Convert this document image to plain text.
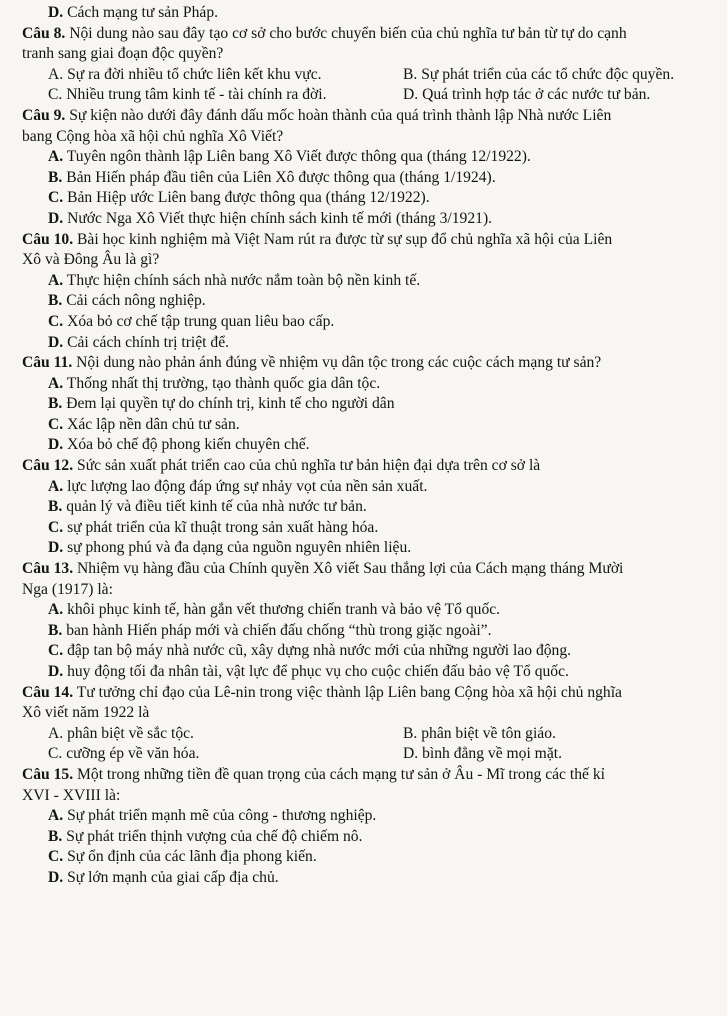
D. Cách mạng tư sản Pháp.
Câu 8. Nội dung nào sau đây tạo cơ sở cho bước chuyển biến của chủ nghĩa tư bản từ tự do cạnh
tranh sang giai đoạn độc quyền?
A. Sự ra đời nhiều tổ chức liên kết khu vực.	B. Sự phát triển của các tổ chức độc quyền.
C. Nhiều trung tâm kinh tế - tài chính ra đời.	D. Quá trình hợp tác ở các nước tư bản.
Câu 9. Sự kiện nào dưới đây đánh dấu mốc hoàn thành của quá trình thành lập Nhà nước Liên
bang Cộng hòa xã hội chủ nghĩa Xô Viết?
A. Tuyên ngôn thành lập Liên bang Xô Viết được thông qua (tháng 12/1922).
B. Bản Hiến pháp đầu tiên của Liên Xô được thông qua (tháng 1/1924).
C. Bản Hiệp ước Liên bang được thông qua (tháng 12/1922).
D. Nước Nga Xô Viết thực hiện chính sách kinh tế mới (tháng 3/1921).
Câu 10. Bài học kinh nghiệm mà Việt Nam rút ra được từ sự sụp đổ chủ nghĩa xã hội của Liên
Xô và Đông Âu là gì?
A. Thực hiện chính sách nhà nước nắm toàn bộ nền kinh tế.
B. Cải cách nông nghiệp.
C. Xóa bỏ cơ chế tập trung quan liêu bao cấp.
D. Cải cách chính trị triệt để.
Câu 11. Nội dung nào phản ánh đúng về nhiệm vụ dân tộc trong các cuộc cách mạng tư sản?
A. Thống nhất thị trường, tạo thành quốc gia dân tộc.
B. Đem lại quyền tự do chính trị, kinh tế cho người dân
C. Xác lập nền dân chủ tư sản.
D. Xóa bỏ chế độ phong kiến chuyên chế.
Câu 12. Sức sản xuất phát triển cao của chủ nghĩa tư bản hiện đại dựa trên cơ sở là
A. lực lượng lao động đáp ứng sự nhảy vọt của nền sản xuất.
B. quản lý và điều tiết kinh tế của nhà nước tư bản.
C. sự phát triển của kĩ thuật trong sản xuất hàng hóa.
D. sự phong phú và đa dạng của nguồn nguyên nhiên liệu.
Câu 13. Nhiệm vụ hàng đầu của Chính quyền Xô viết Sau thắng lợi của Cách mạng tháng Mười
Nga (1917) là:
A. khôi phục kinh tế, hàn gắn vết thương chiến tranh và bảo vệ Tổ quốc.
B. ban hành Hiến pháp mới và chiến đấu chống “thù trong giặc ngoài”.
C. đập tan bộ máy nhà nước cũ, xây dựng nhà nước mới của những người lao động.
D. huy động tối đa nhân tài, vật lực để phục vụ cho cuộc chiến đấu bảo vệ Tổ quốc.
Câu 14. Tư tưởng chỉ đạo của Lê-nin trong việc thành lập Liên bang Cộng hòa xã hội chủ nghĩa
Xô viết năm 1922 là
A. phân biệt về sắc tộc.	B. phân biệt về tôn giáo.
C. cưỡng ép về văn hóa.	D. bình đẳng về mọi mặt.
Câu 15. Một trong những tiền đề quan trọng của cách mạng tư sản ở Âu - Mĩ trong các thế kỉ
XVI - XVIII là:
A. Sự phát triển mạnh mẽ của công - thương nghiệp.
B. Sự phát triển thịnh vượng của chế độ chiếm nô.
C. Sự ổn định của các lãnh địa phong kiến.
D. Sự lớn mạnh của giai cấp địa chủ.
